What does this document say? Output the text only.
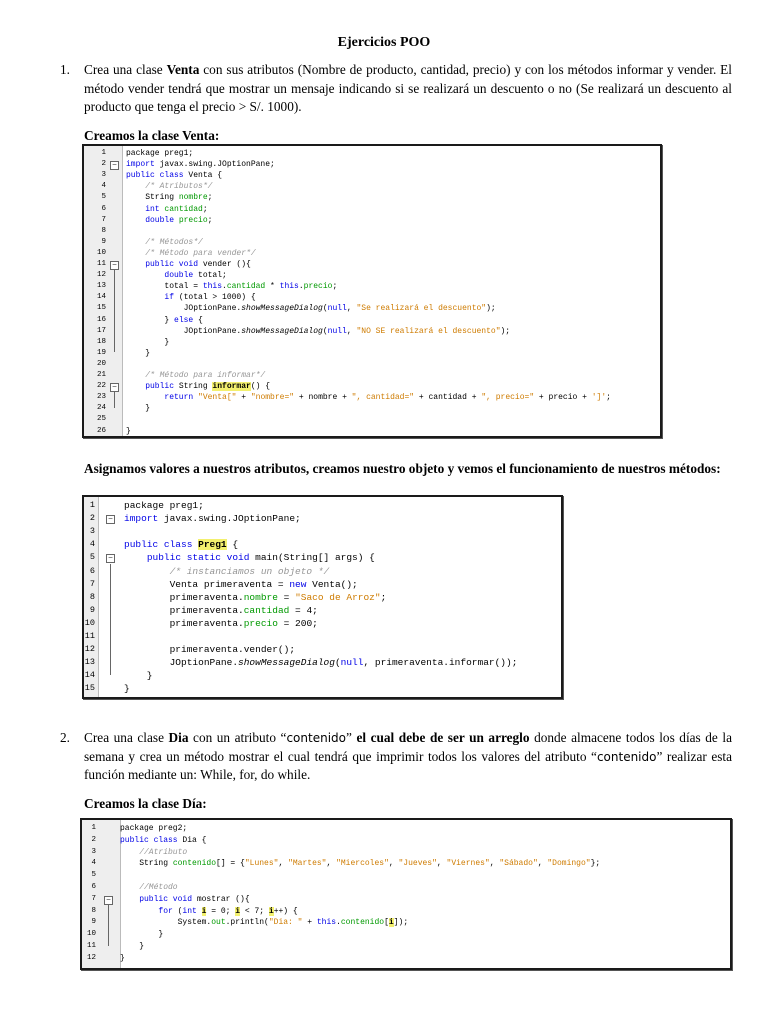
Ejercicios POO
1. Crea una clase Venta con sus atributos (Nombre de producto, cantidad, precio) y con los métodos informar y vender. El método vender tendrá que mostrar un mensaje indicando si se realizará un descuento o no (Se realizará un descuento al producto que tenga el precio > S/. 1000).
Creamos la clase Venta:
1	package preg1;
2 − import javax.swing.JOptionPane;
3	public class Venta {
4	/* Atributos*/
5	String nombre;
6	int cantidad;
7	double precio;
8
9	/* Métodos*/
10	/* Método para vender*/
11 −	public void vender (){
12	double total;
13	total = this.cantidad * this.precio;
14	if (total > 1000) {
15	JOptionPane.showMessageDialog(null, "Se realizará el descuento");
16	} else {
17	JOptionPane.showMessageDialog(null, "NO SE realizará el descuento");
18	}
19	}
20
21	/* Método para informar*/
22 −	public String informar() {
23	return "Venta[" + "nombre=" + nombre + ", cantidad=" + cantidad + ", precio=" + precio + ']';
24	}
25
26	}
Asignamos valores a nuestros atributos, creamos nuestro objeto y vemos el funcionamiento de nuestros métodos:
1	package preg1;
2 − import javax.swing.JOptionPane;
3
4	public class Preg1 {
5 −	public static void main(String[] args) {
6	/* instanciamos un objeto */
7	Venta primeraventa = new Venta();
8	primeraventa.nombre = "Saco de Arroz";
9	primeraventa.cantidad = 4;
10	primeraventa.precio = 200;
11
12	primeraventa.vender();
13	JOptionPane.showMessageDialog(null, primeraventa.informar());
14	}
15	}
2. Crea una clase Dia con un atributo “contenido” el cual debe de ser un arreglo donde almacene todos los días de la semana y crea un método mostrar el cual tendrá que imprimir todos los valores del atributo “contenido” realizar esta función mediante un: While, for, do while.
Creamos la clase Día:
1	package preg2;
2	public class Dia {
3	//Atributo
4	String contenido[] = {"Lunes", "Martes", "Miercoles", "Jueves", "Viernes", "Sábado", "Domingo"};
5
6	//Método
7 −	public void mostrar (){
8	for (int i = 0; i < 7; i++) {
9	System.out.println("Dia: " + this.contenido[i]);
10	}
11	}
12	}
